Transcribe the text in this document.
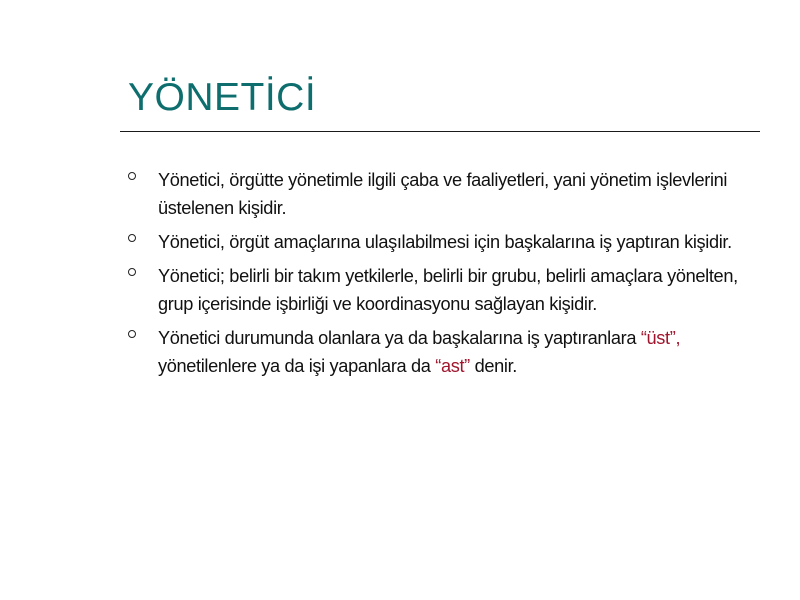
YÖNETİCİ
Yönetici, örgütte yönetimle ilgili çaba ve faaliyetleri, yani yönetim işlevlerini üstelenen kişidir.
Yönetici, örgüt amaçlarına ulaşılabilmesi için başkalarına iş yaptıran kişidir.
Yönetici; belirli bir takım yetkilerle, belirli bir grubu, belirli amaçlara yönelten, grup içerisinde işbirliği ve koordinasyonu sağlayan kişidir.
Yönetici durumunda olanlara ya da başkalarına iş yaptıranlara “üst”, yönetilenlere ya da işi yapanlara da “ast” denir.
